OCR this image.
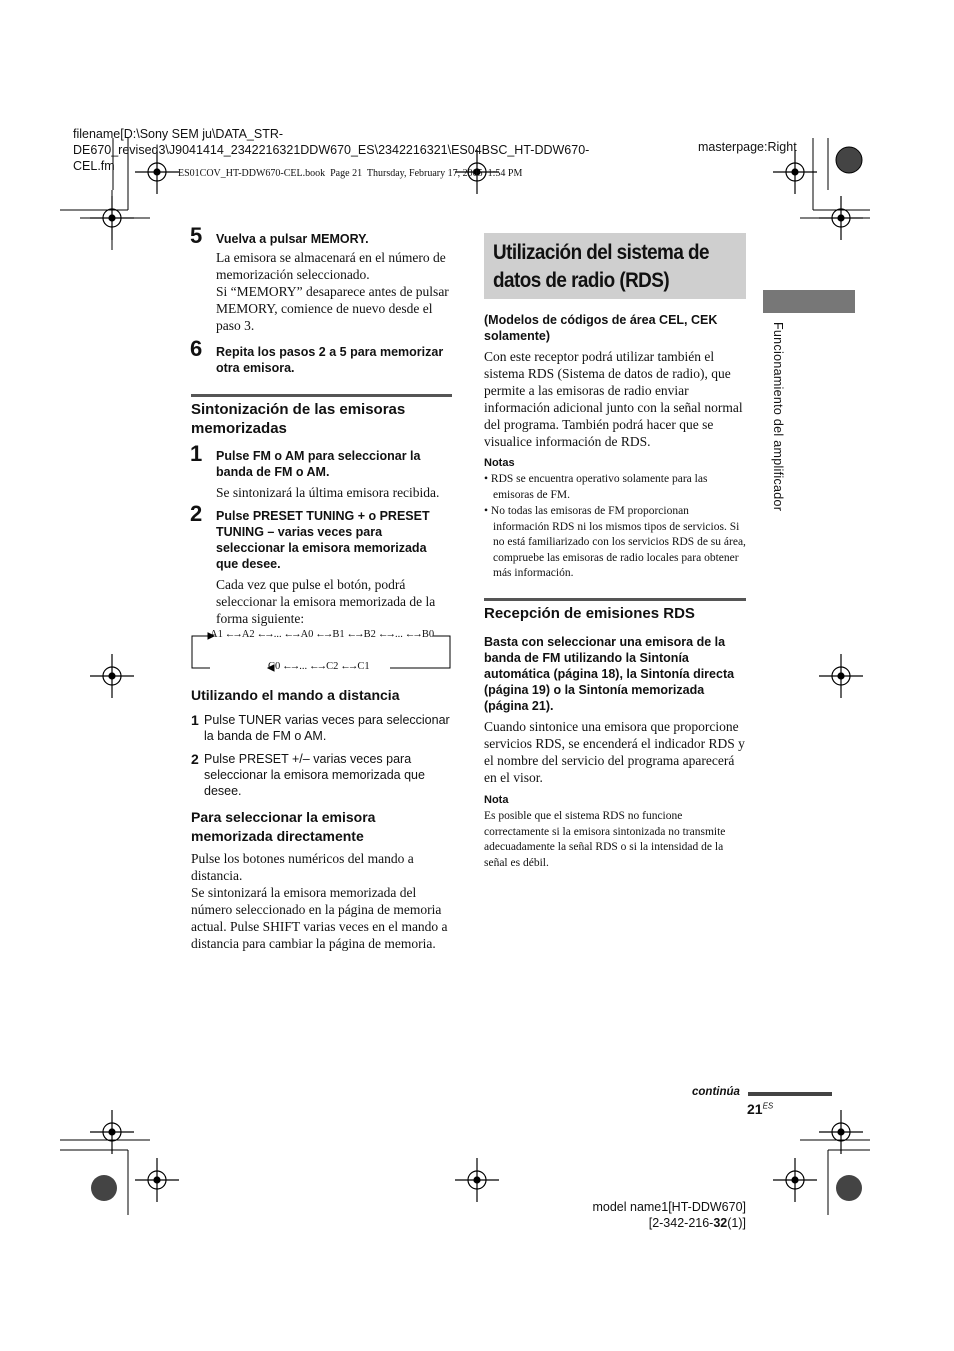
filename[D:\Sony SEM ju\DATA_STR-
DE670_revised3\J9041414_2342216321DDW670_ES\2342216321\ES04BSC_HT-DDW670-
CEL.fm
masterpage:Right
ES01COV_HT-DDW670-CEL.book  Page 21  Thursday, February 17, 2005  1:54 PM
5 Vuelva a pulsar MEMORY.
La emisora se almacenará en el número de memorización seleccionado.
Si “MEMORY” desaparece antes de pulsar MEMORY, comience de nuevo desde el paso 3.
6 Repita los pasos 2 a 5 para memorizar otra emisora.
Sintonización de las emisoras memorizadas
1 Pulse FM o AM para seleccionar la banda de FM o AM.
Se sintonizará la última emisora recibida.
2 Pulse PRESET TUNING + o PRESET TUNING – varias veces para seleccionar la emisora memorizada que desee.
Cada vez que pulse el botón, podrá seleccionar la emisora memorizada de la forma siguiente:
A1 ←→ A2 ←→ ... ←→ A0 ←→ B1 ←→ B2 ←→ ... ←→ B0
C0 ←→ ... ←→ C2 ←→ C1
Utilizando el mando a distancia
1 Pulse TUNER varias veces para seleccionar la banda de FM o AM.
2 Pulse PRESET +/– varias veces para seleccionar la emisora memorizada que desee.
Para seleccionar la emisora memorizada directamente
Pulse los botones numéricos del mando a distancia.
Se sintonizará la emisora memorizada del número seleccionado en la página de memoria actual. Pulse SHIFT varias veces en el mando a distancia para cambiar la página de memoria.
Utilización del sistema de datos de radio (RDS)
(Modelos de códigos de área CEL, CEK solamente)
Con este receptor podrá utilizar también el sistema RDS (Sistema de datos de radio), que permite a las emisoras de radio enviar información adicional junto con la señal normal del programa. También podrá hacer que se visualice información de RDS.
Notas
• RDS se encuentra operativo solamente para las emisoras de FM.
• No todas las emisoras de FM proporcionan información RDS ni los mismos tipos de servicios. Si no está familiarizado con los servicios RDS de su área, compruebe las emisoras de radio locales para obtener más información.
Recepción de emisiones RDS
Basta con seleccionar una emisora de la banda de FM utilizando la Sintonía automática (página 18), la Sintonía directa (página 19) o la Sintonía memorizada (página 21).
Cuando sintonice una emisora que proporcione servicios RDS, se encenderá el indicador RDS y el nombre del servicio del programa aparecerá en el visor.
Nota
Es posible que el sistema RDS no funcione correctamente si la emisora sintonizada no transmite adecuadamente la señal RDS o si la intensidad de la señal es débil.
Funcionamiento del amplificador
continúa
$21^{ES}$
model name1[HT-DDW670]
[2-342-216-32(1)]
